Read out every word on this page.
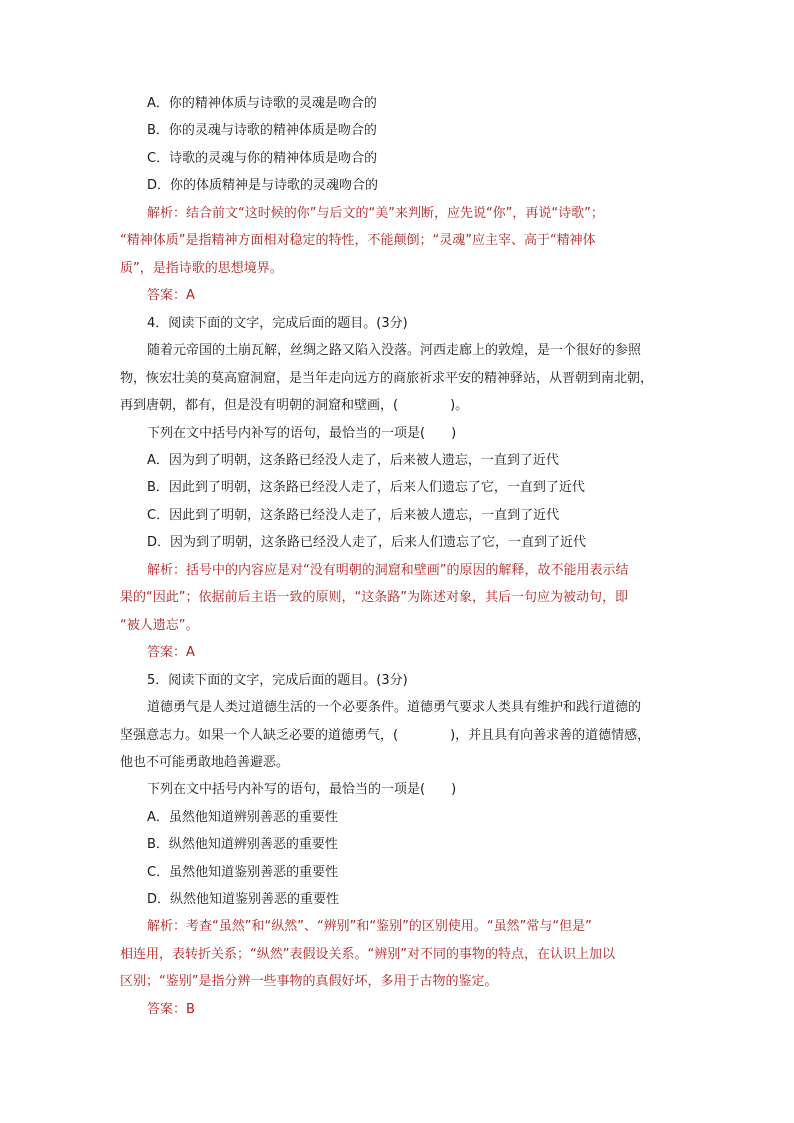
A．你的精神体质与诗歌的灵魂是吻合的
B．你的灵魂与诗歌的精神体质是吻合的
C．诗歌的灵魂与你的精神体质是吻合的
D．你的体质精神是与诗歌的灵魂吻合的
解析：结合前文“这时候的你”与后文的“美”来判断，应先说“你”，再说“诗歌”；
“精神体质”是指精神方面相对稳定的特性，不能颠倒；“灵魂”应主宰、高于“精神体
质”，是指诗歌的思想境界。
答案：A
4．阅读下面的文字，完成后面的题目。(3分)
随着元帝国的土崩瓦解，丝绸之路又陷入没落。河西走廊上的敦煌，是一个很好的参照
物，恢宏壮美的莫高窟洞窟，是当年走向远方的商旅祈求平安的精神驿站，从晋朝到南北朝，
再到唐朝，都有，但是没有明朝的洞窟和壁画，(　　　　)。
下列在文中括号内补写的语句，最恰当的一项是(　　)
A．因为到了明朝，这条路已经没人走了，后来被人遗忘，一直到了近代
B．因此到了明朝，这条路已经没人走了，后来人们遗忘了它，一直到了近代
C．因此到了明朝，这条路已经没人走了，后来被人遗忘，一直到了近代
D．因为到了明朝，这条路已经没人走了，后来人们遗忘了它，一直到了近代
解析：括号中的内容应是对“没有明朝的洞窟和壁画”的原因的解释，故不能用表示结
果的“因此”；依据前后主语一致的原则，“这条路”为陈述对象，其后一句应为被动句，即
“被人遗忘”。
答案：A
5．阅读下面的文字，完成后面的题目。(3分)
道德勇气是人类过道德生活的一个必要条件。道德勇气要求人类具有维护和践行道德的
坚强意志力。如果一个人缺乏必要的道德勇气，(　　　　)，并且具有向善求善的道德情感，
他也不可能勇敢地趋善避恶。
下列在文中括号内补写的语句，最恰当的一项是(　　)
A．虽然他知道辨别善恶的重要性
B．纵然他知道辨别善恶的重要性
C．虽然他知道鉴别善恶的重要性
D．纵然他知道鉴别善恶的重要性
解析：考查“虽然”和“纵然”、“辨别”和“鉴别”的区别使用。“虽然”常与“但是”
相连用，表转折关系；“纵然”表假设关系。“辨别”对不同的事物的特点，在认识上加以
区别；“鉴别”是指分辨一些事物的真假好坏，多用于古物的鉴定。
答案：B
